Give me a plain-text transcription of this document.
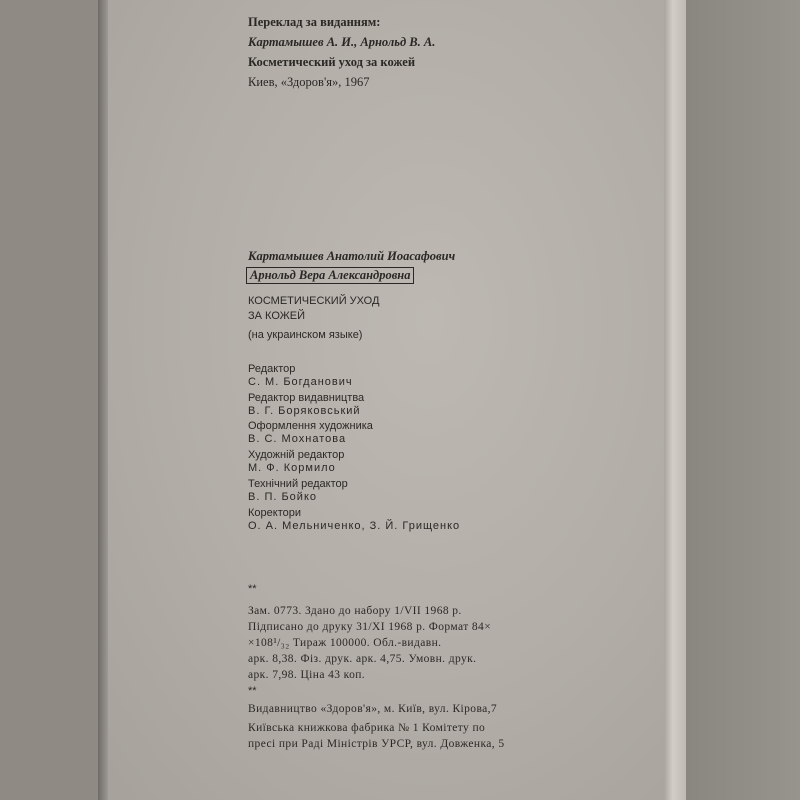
Переклад за виданням:

Картамышев А. И., Арнольд В. А.

Косметический уход за кожей

Киев, «Здоров'я», 1967

Картамышев Анатолий Иоасафович

Арнольд Вера Александровна

КОСМЕТИЧЕСКИЙ УХОД

ЗА КОЖЕЙ

(на украинском языке)

Редактор

С. М. Богданович

Редактор видавництва

В. Г. Боряковський

Оформлення художника

В. С. Мохнатова

Художній редактор

М. Ф. Кормило

Технічний редактор

В. П. Бойко

Коректори

О. А. Мельниченко, З. Й. Грищенко

**

Зам. 0773. Здано до набору 1/VII 1968 р.

Підписано до друку 31/XI 1968 р. Формат 84×

×108¹/₃₂ Тираж 100000. Обл.-видавн.

арк. 8,38. Фіз. друк. арк. 4,75. Умовн. друк.

арк. 7,98. Ціна 43 коп.

**

Видавництво «Здоров'я», м. Київ, вул. Кірова,7

Київська книжкова фабрика № 1 Комітету по

пресі при Раді Міністрів УРСР, вул. Довженка, 5
